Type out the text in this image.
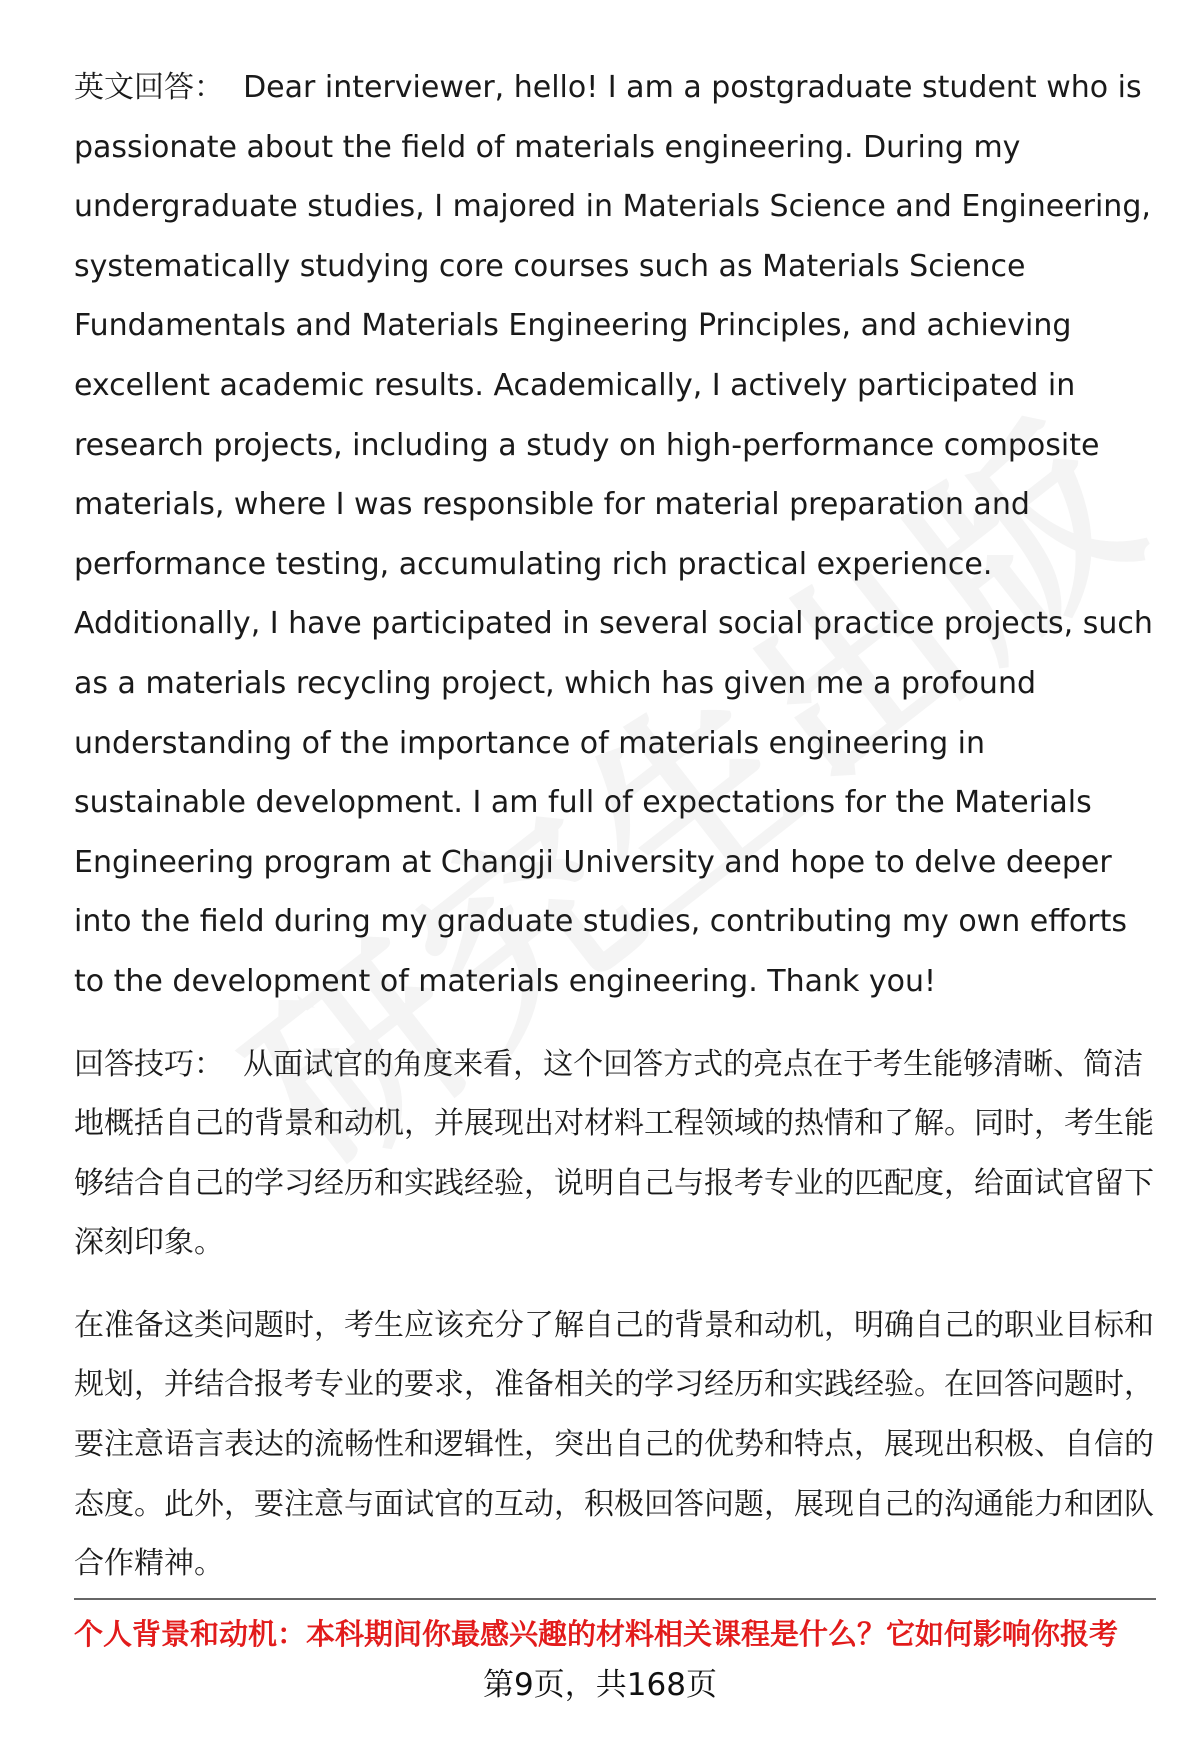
英文回答： Dear interviewer, hello! I am a postgraduate student who is passionate about the field of materials engineering. During my undergraduate studies, I majored in Materials Science and Engineering, systematically studying core courses such as Materials Science Fundamentals and Materials Engineering Principles, and achieving excellent academic results. Academically, I actively participated in research projects, including a study on high-performance composite materials, where I was responsible for material preparation and performance testing, accumulating rich practical experience. Additionally, I have participated in several social practice projects, such as a materials recycling project, which has given me a profound understanding of the importance of materials engineering in sustainable development. I am full of expectations for the Materials Engineering program at Changji University and hope to delve deeper into the field during my graduate studies, contributing my own efforts to the development of materials engineering. Thank you!

回答技巧： 从面试官的角度来看，这个回答方式的亮点在于考生能够清晰、简洁地概括自己的背景和动机，并展现出对材料工程领域的热情和了解。同时，考生能够结合自己的学习经历和实践经验，说明自己与报考专业的匹配度，给面试官留下深刻印象。

在准备这类问题时，考生应该充分了解自己的背景和动机，明确自己的职业目标和规划，并结合报考专业的要求，准备相关的学习经历和实践经验。在回答问题时，要注意语言表达的流畅性和逻辑性，突出自己的优势和特点，展现出积极、自信的态度。此外，要注意与面试官的互动，积极回答问题，展现自己的沟通能力和团队合作精神。

个人背景和动机：本科期间你最感兴趣的材料相关课程是什么？它如何影响你报考
第9页，共168页
